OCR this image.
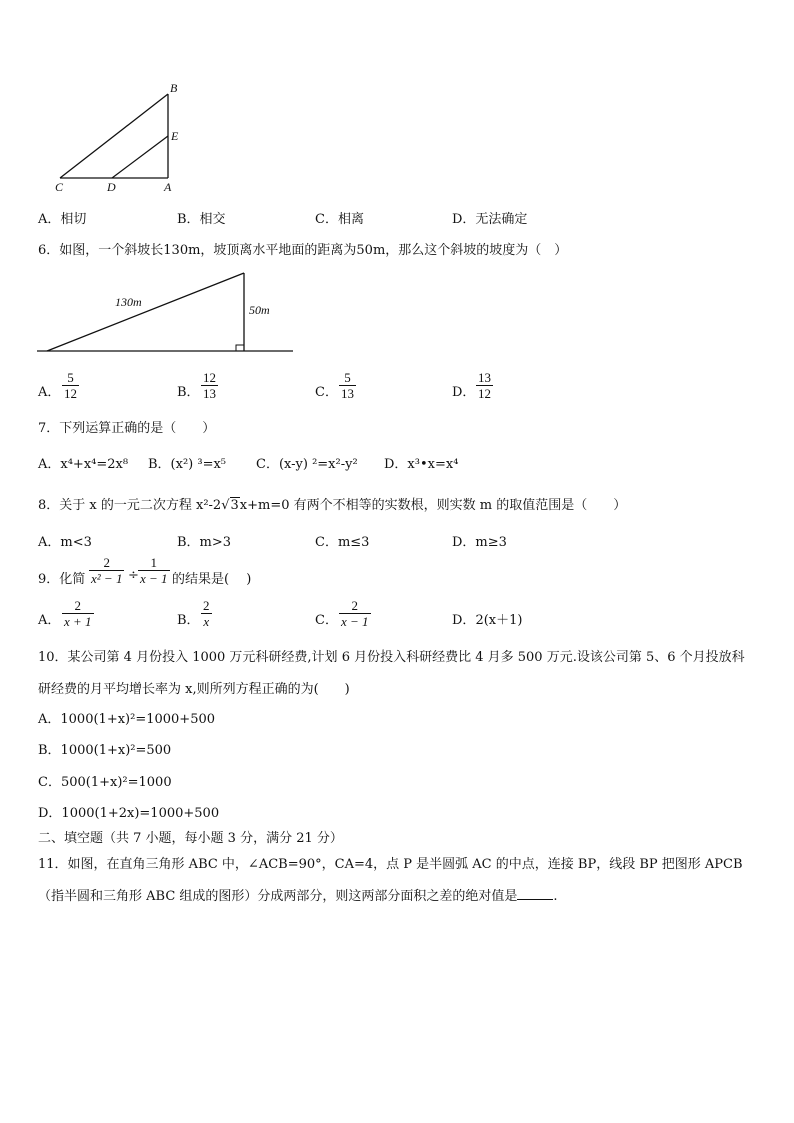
B
E
C	D	A
A．相切	B．相交	C．相离	D．无法确定
6．如图，一个斜坡长130m，坡顶离水平地面的距离为50m，那么这个斜坡的坡度为（　）
130m
50m
A． $\frac{5}{12}$	B． $\frac{12}{13}$	C． $\frac{5}{13}$	D． $\frac{13}{12}$
7．下列运算正确的是（　　）
A．x⁴+x⁴=2x⁸ B．(x²) ³=x⁵ C．(x-y) ²=x²-y² D．x³•x=x⁴
8．关于 x 的一元二次方程 x²-2√3x+m=0 有两个不相等的实数根，则实数 m 的取值范围是（　　）
A．m<3	B．m>3	C．m≤3	D．m≥3
9．化简 $\frac{2}{\text{x² − 1}} \div \frac{1}{x - 1}$ 的结果是(　 )
A． $\frac{2}{x + 1}$	B． $\frac{2}{x}$	C． $\frac{2}{x - 1}$	D．2(x＋1)
10．某公司第 4 月份投入 1000 万元科研经费,计划 6 月份投入科研经费比 4 月多 500 万元.设该公司第 5、6 个月投放科
研经费的月平均增长率为 x,则所列方程正确的为(　　)
A．1000(1+x)²=1000+500
B．1000(1+x)²=500
C．500(1+x)²=1000
D．1000(1+2x)=1000+500
二、填空题（共 7 小题，每小题 3 分，满分 21 分）
11．如图，在直角三角形 ABC 中，∠ACB=90°，CA=4，点 P 是半圆弧 AC 的中点，连接 BP，线段 BP 把图形 APCB
（指半圆和三角形 ABC 组成的图形）分成两部分，则这两部分面积之差的绝对值是	.
